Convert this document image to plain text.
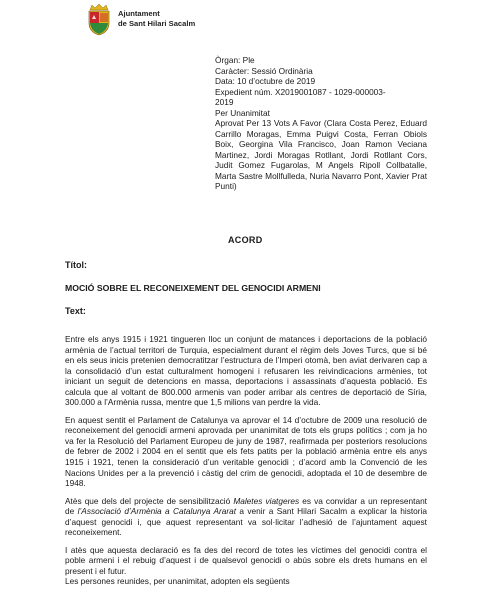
Ajuntament
de Sant Hilari Sacalm
Òrgan: Ple
Caràcter: Sessió Ordinària
Data: 10 d’octubre de 2019
Expedient núm. X2019001087 - 1029-000003-
2019
Per Unanimitat
Aprovat Per 13 Vots A Favor (Clara Costa Perez, Eduard Carrillo Moragas, Emma Puigvi Costa, Ferran Obiols Boix, Georgina Vila Francisco, Joan Ramon Veciana Martinez, Jordi Moragas Rotllant, Jordi Rotllant Cors, Judit Gomez Fugarolas, M Angels Ripoll Collbatalle, Marta Sastre Mollfulleda, Nuria Navarro Pont, Xavier Prat Punti)
ACORD
Títol:
MOCIÓ SOBRE EL RECONEIXEMENT DEL GENOCIDI ARMENI
Text:

Entre els anys 1915 i 1921 tingueren lloc un conjunt de matances i deportacions de la població armènia de l’actual territori de Turquia, especialment durant el règim dels Joves Turcs, que si bé en els seus inicis pretenien democratitzar l’estructura de l’Imperi otomà, ben aviat derivaren cap a la consolidació d’un estat culturalment homogeni i refusaren les reivindicacions armènies, tot iniciant un seguit de detencions en massa, deportacions i assassinats d’aquesta població. Es calcula que al voltant de 800.000 armenis van poder arribar als centres de deportació de Síria, 300.000 a l’Armènia russa, mentre que 1,5 milions van perdre la vida.

En aquest sentit el Parlament de Catalunya va aprovar el 14 d’octubre de 2009 una resolució de reconeixement del genocidi armeni aprovada per unanimitat de tots els grups polítics ; com ja ho va fer la Resolució del Parlament Europeu de juny de 1987, reafirmada per posteriors resolucions de febrer de 2002 i 2004 en el sentit que els fets patits per la població armènia entre els anys 1915 i 1921, tenen la consideració d’un veritable genocidi ; d’acord amb la Convenció de les Nacions Unides per a la prevenció i càstig del crim de genocidi, adoptada el 10 de desembre de 1948.

Atès que dels del projecte de sensibilització Maletes viatgeres es va convidar a un representant de l’Associació d’Armènia a Catalunya Ararat a venir a Sant Hilari Sacalm a explicar la historia d’aquest genocidi i, que aquest representant va sol·licitar l’adhesió de l’ajuntament aquest reconeixement.

I atès que aquesta declaració es fa des del record de totes les víctimes del genocidi contra el poble armeni i el rebuig d’aquest i de qualsevol genocidi o abús sobre els drets humans en el present i el futur.

Les persones reunides, per unanimitat, adopten els següents
